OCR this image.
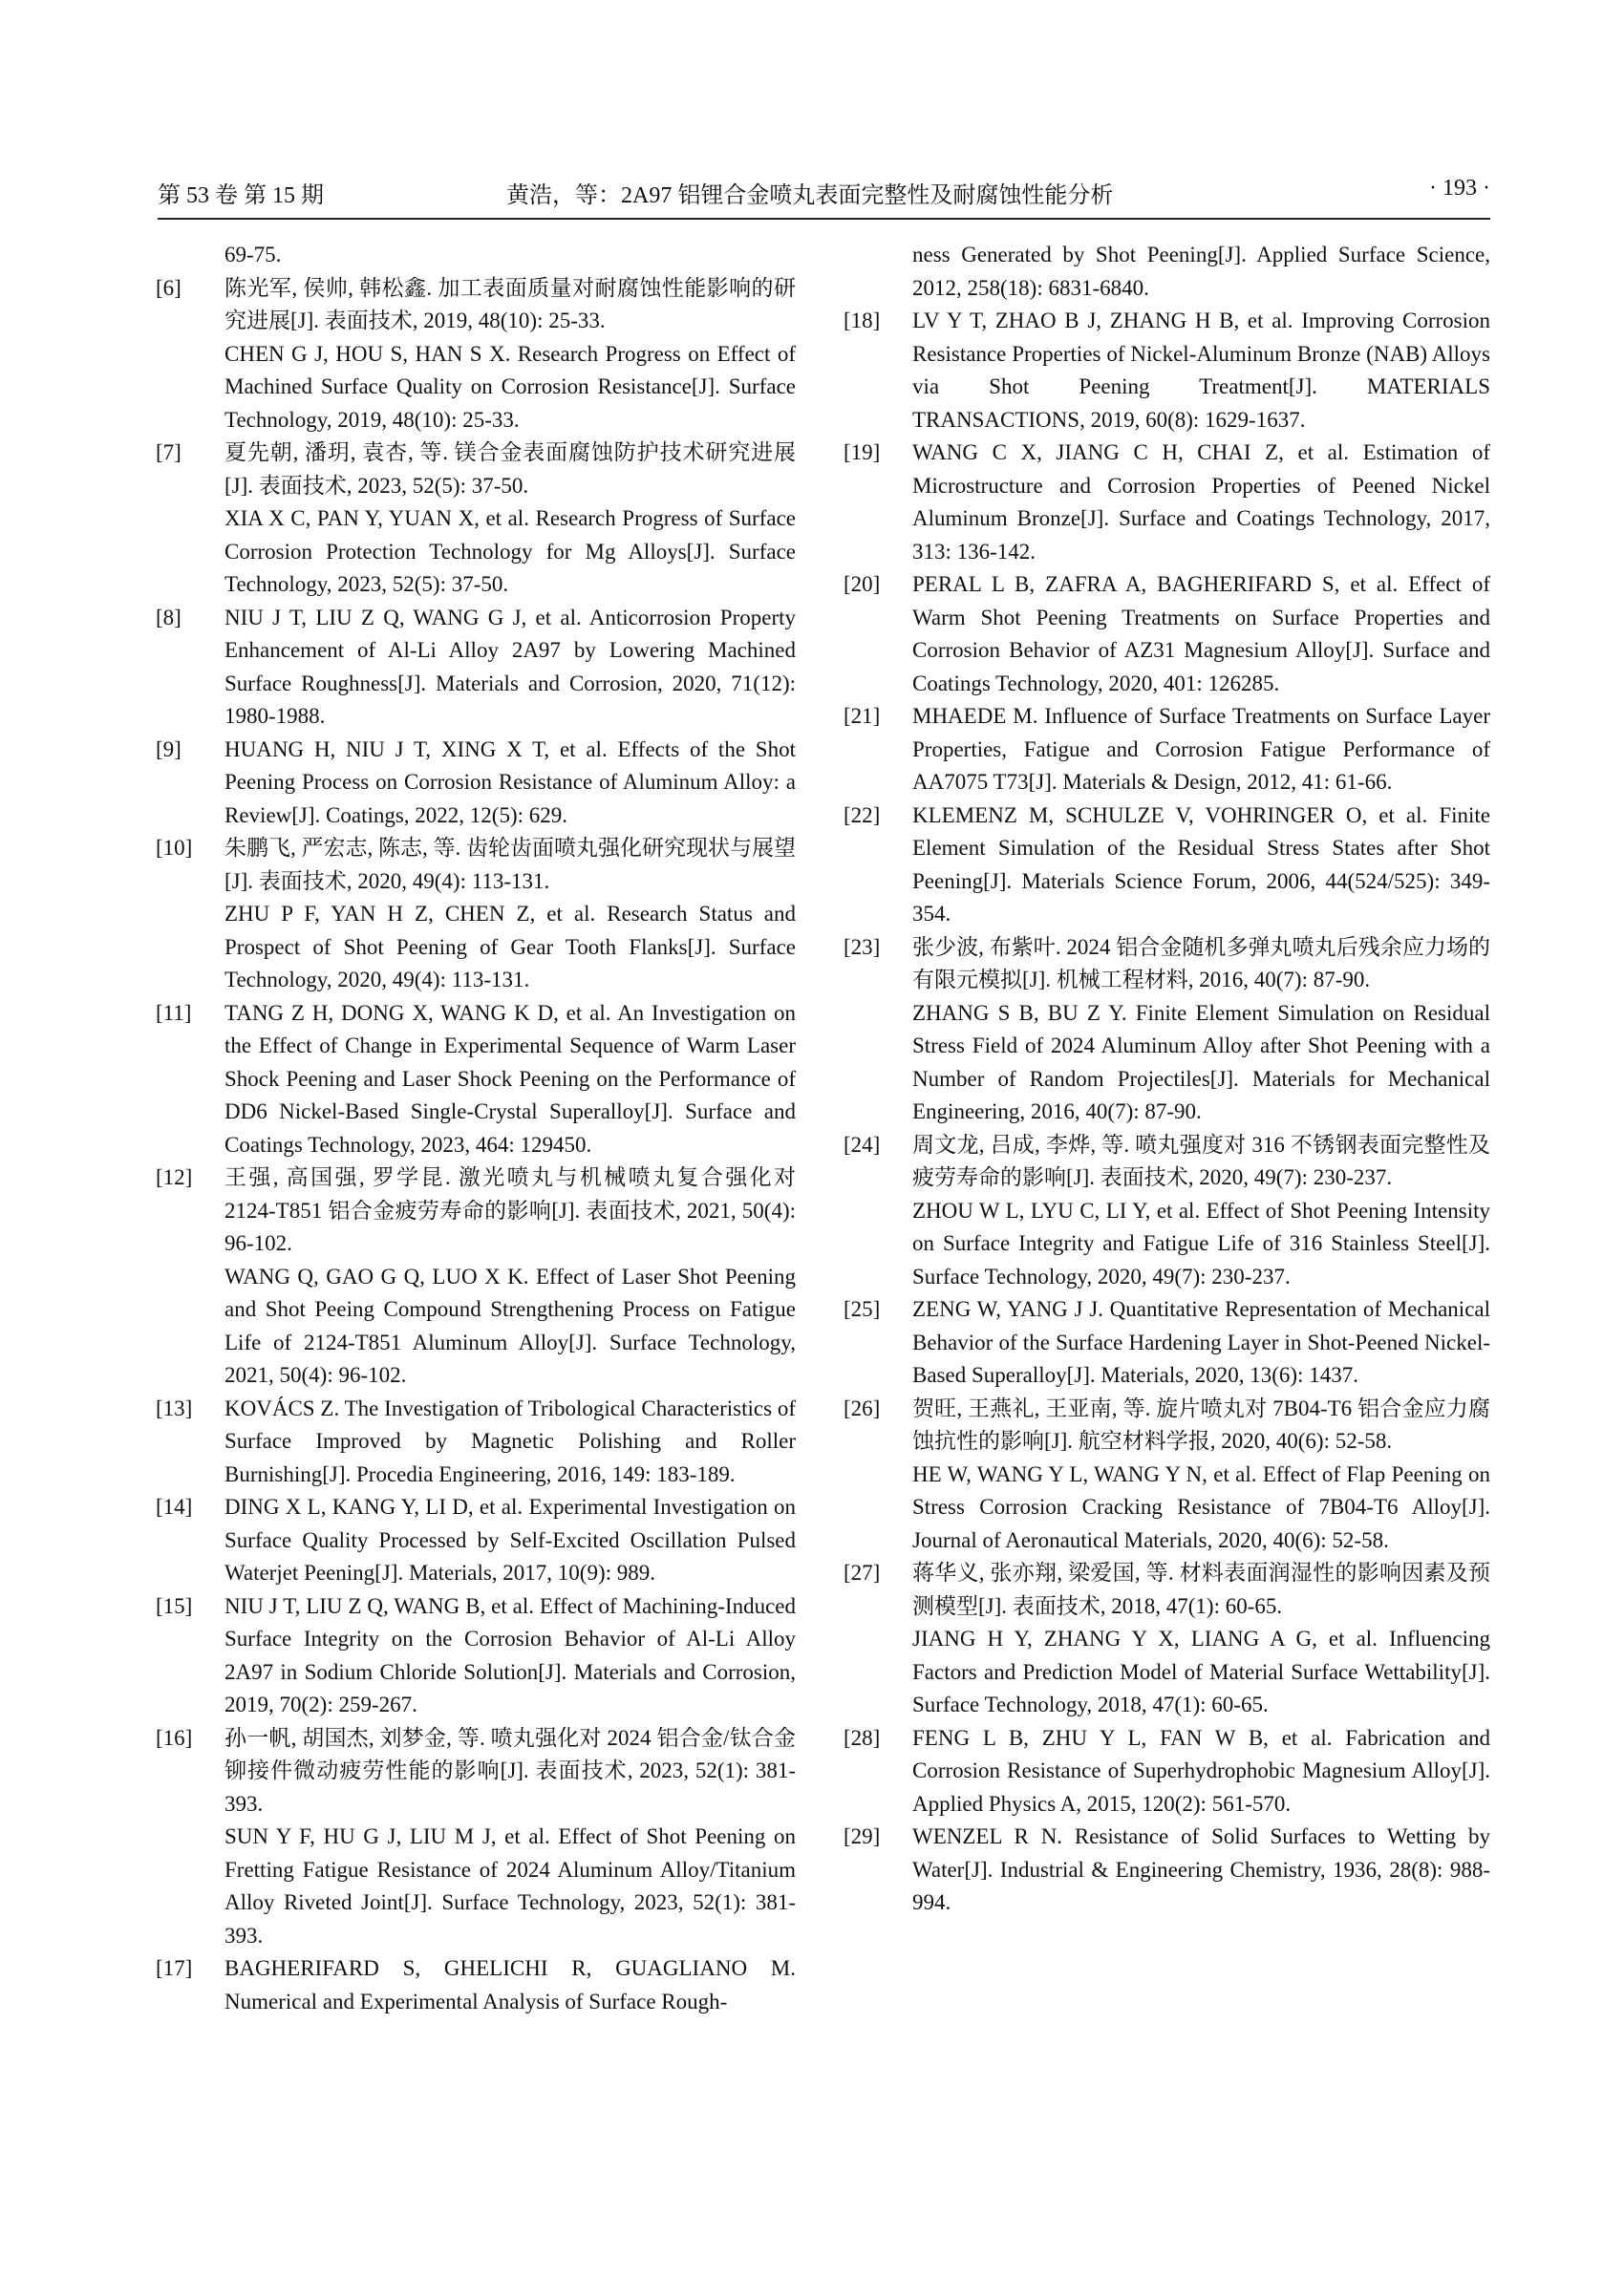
第 53 卷 第 15 期	黄浩，等：2A97 铝锂合金喷丸表面完整性及耐腐蚀性能分析	· 193 ·
69-75.
[6] 陈光军, 侯帅, 韩松鑫. 加工表面质量对耐腐蚀性能影响的研究进展[J]. 表面技术, 2019, 48(10): 25-33.
CHEN G J, HOU S, HAN S X. Research Progress on Effect of Machined Surface Quality on Corrosion Resistance[J]. Surface Technology, 2019, 48(10): 25-33.
[7] 夏先朝, 潘玥, 袁杏, 等. 镁合金表面腐蚀防护技术研究进展[J]. 表面技术, 2023, 52(5): 37-50.
XIA X C, PAN Y, YUAN X, et al. Research Progress of Surface Corrosion Protection Technology for Mg Alloys[J]. Surface Technology, 2023, 52(5): 37-50.
[8] NIU J T, LIU Z Q, WANG G J, et al. Anticorrosion Property Enhancement of Al-Li Alloy 2A97 by Lowering Machined Surface Roughness[J]. Materials and Corrosion, 2020, 71(12): 1980-1988.
[9] HUANG H, NIU J T, XING X T, et al. Effects of the Shot Peening Process on Corrosion Resistance of Aluminum Alloy: a Review[J]. Coatings, 2022, 12(5): 629.
[10] 朱鹏飞, 严宏志, 陈志, 等. 齿轮齿面喷丸强化研究现状与展望[J]. 表面技术, 2020, 49(4): 113-131.
ZHU P F, YAN H Z, CHEN Z, et al. Research Status and Prospect of Shot Peening of Gear Tooth Flanks[J]. Surface Technology, 2020, 49(4): 113-131.
[11] TANG Z H, DONG X, WANG K D, et al. An Investigation on the Effect of Change in Experimental Sequence of Warm Laser Shock Peening and Laser Shock Peening on the Performance of DD6 Nickel-Based Single-Crystal Superalloy[J]. Surface and Coatings Technology, 2023, 464: 129450.
[12] 王强, 高国强, 罗学昆. 激光喷丸与机械喷丸复合强化对 2124-T851 铝合金疲劳寿命的影响[J]. 表面技术, 2021, 50(4): 96-102.
WANG Q, GAO G Q, LUO X K. Effect of Laser Shot Peening and Shot Peeing Compound Strengthening Process on Fatigue Life of 2124-T851 Aluminum Alloy[J]. Surface Technology, 2021, 50(4): 96-102.
[13] KOVÁCS Z. The Investigation of Tribological Characteristics of Surface Improved by Magnetic Polishing and Roller Burnishing[J]. Procedia Engineering, 2016, 149: 183-189.
[14] DING X L, KANG Y, LI D, et al. Experimental Investigation on Surface Quality Processed by Self-Excited Oscillation Pulsed Waterjet Peening[J]. Materials, 2017, 10(9): 989.
[15] NIU J T, LIU Z Q, WANG B, et al. Effect of Machining-Induced Surface Integrity on the Corrosion Behavior of Al-Li Alloy 2A97 in Sodium Chloride Solution[J]. Materials and Corrosion, 2019, 70(2): 259-267.
[16] 孙一帆, 胡国杰, 刘梦金, 等. 喷丸强化对 2024 铝合金/钛合金铆接件微动疲劳性能的影响[J]. 表面技术, 2023, 52(1): 381-393.
SUN Y F, HU G J, LIU M J, et al. Effect of Shot Peening on Fretting Fatigue Resistance of 2024 Aluminum Alloy/Titanium Alloy Riveted Joint[J]. Surface Technology, 2023, 52(1): 381-393.
[17] BAGHERIFARD S, GHELICHI R, GUAGLIANO M. Numerical and Experimental Analysis of Surface Rough-
ness Generated by Shot Peening[J]. Applied Surface Science, 2012, 258(18): 6831-6840.
[18] LV Y T, ZHAO B J, ZHANG H B, et al. Improving Corrosion Resistance Properties of Nickel-Aluminum Bronze (NAB) Alloys via Shot Peening Treatment[J]. MATERIALS TRANSACTIONS, 2019, 60(8): 1629-1637.
[19] WANG C X, JIANG C H, CHAI Z, et al. Estimation of Microstructure and Corrosion Properties of Peened Nickel Aluminum Bronze[J]. Surface and Coatings Technology, 2017, 313: 136-142.
[20] PERAL L B, ZAFRA A, BAGHERIFARD S, et al. Effect of Warm Shot Peening Treatments on Surface Properties and Corrosion Behavior of AZ31 Magnesium Alloy[J]. Surface and Coatings Technology, 2020, 401: 126285.
[21] MHAEDE M. Influence of Surface Treatments on Surface Layer Properties, Fatigue and Corrosion Fatigue Performance of AA7075 T73[J]. Materials & Design, 2012, 41: 61-66.
[22] KLEMENZ M, SCHULZE V, VOHRINGER O, et al. Finite Element Simulation of the Residual Stress States after Shot Peening[J]. Materials Science Forum, 2006, 44(524/525): 349-354.
[23] 张少波, 布紫叶. 2024 铝合金随机多弹丸喷丸后残余应力场的有限元模拟[J]. 机械工程材料, 2016, 40(7): 87-90.
ZHANG S B, BU Z Y. Finite Element Simulation on Residual Stress Field of 2024 Aluminum Alloy after Shot Peening with a Number of Random Projectiles[J]. Materials for Mechanical Engineering, 2016, 40(7): 87-90.
[24] 周文龙, 吕成, 李烨, 等. 喷丸强度对 316 不锈钢表面完整性及疲劳寿命的影响[J]. 表面技术, 2020, 49(7): 230-237.
ZHOU W L, LYU C, LI Y, et al. Effect of Shot Peening Intensity on Surface Integrity and Fatigue Life of 316 Stainless Steel[J]. Surface Technology, 2020, 49(7): 230-237.
[25] ZENG W, YANG J J. Quantitative Representation of Mechanical Behavior of the Surface Hardening Layer in Shot-Peened Nickel-Based Superalloy[J]. Materials, 2020, 13(6): 1437.
[26] 贺旺, 王燕礼, 王亚南, 等. 旋片喷丸对 7B04-T6 铝合金应力腐蚀抗性的影响[J]. 航空材料学报, 2020, 40(6): 52-58.
HE W, WANG Y L, WANG Y N, et al. Effect of Flap Peening on Stress Corrosion Cracking Resistance of 7B04-T6 Alloy[J]. Journal of Aeronautical Materials, 2020, 40(6): 52-58.
[27] 蒋华义, 张亦翔, 梁爱国, 等. 材料表面润湿性的影响因素及预测模型[J]. 表面技术, 2018, 47(1): 60-65.
JIANG H Y, ZHANG Y X, LIANG A G, et al. Influencing Factors and Prediction Model of Material Surface Wettability[J]. Surface Technology, 2018, 47(1): 60-65.
[28] FENG L B, ZHU Y L, FAN W B, et al. Fabrication and Corrosion Resistance of Superhydrophobic Magnesium Alloy[J]. Applied Physics A, 2015, 120(2): 561-570.
[29] WENZEL R N. Resistance of Solid Surfaces to Wetting by Water[J]. Industrial & Engineering Chemistry, 1936, 28(8): 988-994.
